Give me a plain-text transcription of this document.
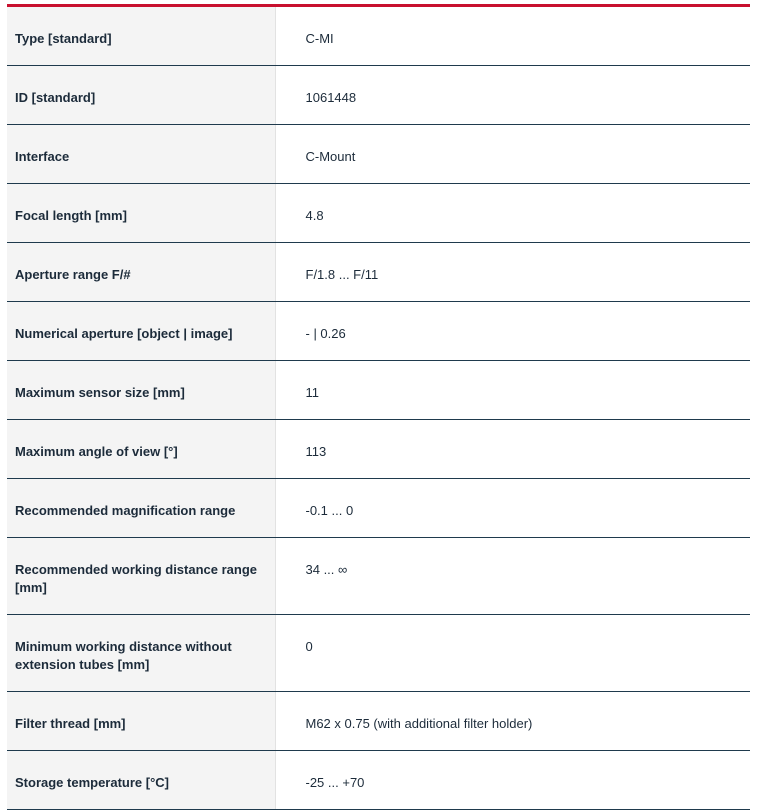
Type [standard]	C-MI
ID [standard]	1061448
Interface	C-Mount
Focal length [mm]	4.8
Aperture range F/#	F/1.8 ... F/11
Numerical aperture [object | image]	- | 0.26
Maximum sensor size [mm]	11
Maximum angle of view [°]	113
Recommended magnification range	-0.1 ... 0
Recommended working distance range [mm]	34 ... ∞
Minimum working distance without extension tubes [mm]	0
Filter thread [mm]	M62 x 0.75 (with additional filter holder)
Storage temperature [°C]	-25 ... +70
